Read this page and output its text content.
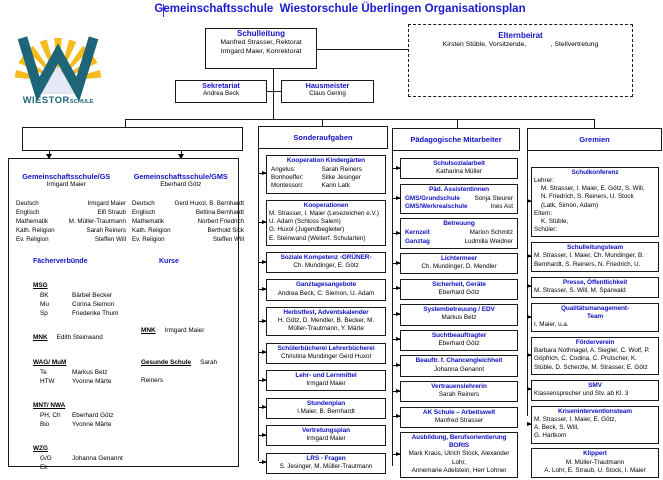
Gemeinschaftsschule  Wiestorschule Überlingen Organisationsplan
WIESTORSCHULE
Schulleitung
Manfred Strasser, Rektorat
Irmgard Maier, Konrektorat
Sekretariat
Andrea Beck
Hausmeister
Claus Gering
Elternbeirat
Kirsten Stüble, Vorsitzende,             , Stellvertretung
Sonderaufgaben	Pädagogische Mitarbeiter	Gremien
Kooperation Kindergärten
Angelus:	Sarah Reiners
Bonhoeffer:	Silke Jesinger
Montessori:	Karin Latk
Kooperationen
M. Strasser, I. Maier (Lesezeichen e.V.)
U. Adam (Schloss Salem)
G. Huxol (Jugendbegleiter)
E. Steinwand (Weiterf. Schularten)
Soziale Kompetenz -GRÜNER-
Ch. Mundinger, E. Götz
Ganztagesangebote
Andrea Beck, C. Siemon, U. Adam
Herbstfest, Adventskalender
H. Götz, D. Mendler, B. Becker, M. Müller-Trautmann, Y. Märte
Schülerbücherei Lehrerbücherei
Christina Mundinger Gerd Huxol
Lehr- und Lernmittel
Irmgard Maier
Stundenplan
I.Maier, B. Bernhardt
Vertretungsplan
Irmgard Maier
LRS - Fragen
S. Jesinger, M. Müller-Trautmann
Schulsozialarbeit
Katharina Müller
Päd. Assistentinnen
GMS/Grundschule	Sonja Steurer
GMS/Werkrealschule	Ines Ast
Betreuung
Kernzeit	Marion Schmitz
Ganztag	Ludmilla Weidner
Lichtermeer
Ch. Mundinger, D. Mendler
Sicherheit, Geräte
Eberhard Götz
Systembetreuung / EDV
Markus Betz
Suchtbeauftragter
Eberhard Götz
Beauftr. f. Chancengleichheit
Johanna Genannt
Vertrauenslehrerin
Sarah Reiners
AK Schule – Arbeitswelt
Manfred Strasser
Ausbildung, Berufsorientierung
BORIS
Mark Kraus, Ulrich Stock, Alexander Lohr,
Annemarie Adelstein, Herr Lohner
Schulkonferenz
Lehrer:
M. Strasser, I. Maier, E. Götz, S. Will,
N. Friedrich, S. Reiners, U. Stock
(Latk, Simon, Adam)
Eltern:
K. Stüble,
Schüler:
Schulleitungsteam
M. Strasser, I. Maier, Ch. Mundinger, B. Bernhardt, S. Reiners, N. Friedrich, U.
Presse, Öffentlichkeit
M. Strasser, S. Will, M. Sparwald
Qualitätsmanagement-
Team
I. Maier, u.a.
Förderverein
Barbara Nothnagel, A. Siegler, C. Wolf, P. Göpfrich, C. Codina, C. Prutscher, K. Stüble, D. Scherzle, M. Strasser, E. Götz
SMV
Klassensprecher und Stv. ab Kl. 3
Kriseninterventionsteam
M. Strasser, I. Maier, E. Götz,
A. Beck, S. Will,
G. Hartkorn
Klippert
M. Müller-Trautmann
A. Lohr, E. Straub, U. Stock, I. Maier
Gemeinschaftsschule/GS
Irmgard Maier
Gemeinschaftsschule/GMS
Eberhard Götz
Deutsch	Irmgard Maier Deutsch	Gerd Huxol, B. Bernhardt
Englisch	Elfi Straub Englisch	Bettina Bernhardt
Mathematik	M. Müller-Trautmann Mathematik	Norbert Friedrich
Kath. Religion	Sarah Reiners Kath. Religion	Berthold Sick
Ev. Religion	Steffen Will Ev. Religion	Steffen Will
Fächerverbünde	Kurse
MSG
BK	Bärbel Becker
Mu	Corina Siemon
Sp	Friederike Thum
MNK Edith Steinwand
WAG/ MuM
Te	Markus Betz
HTW	Yvonne Märte
MNT/ NWA
PH, Ch	Eberhard Götz
Bio	Yvonne Märte
WZG
G/G	Johanna Genannt
Ek
MNK Irmgard Maier
Gesunde Schule Sarah Reiners
